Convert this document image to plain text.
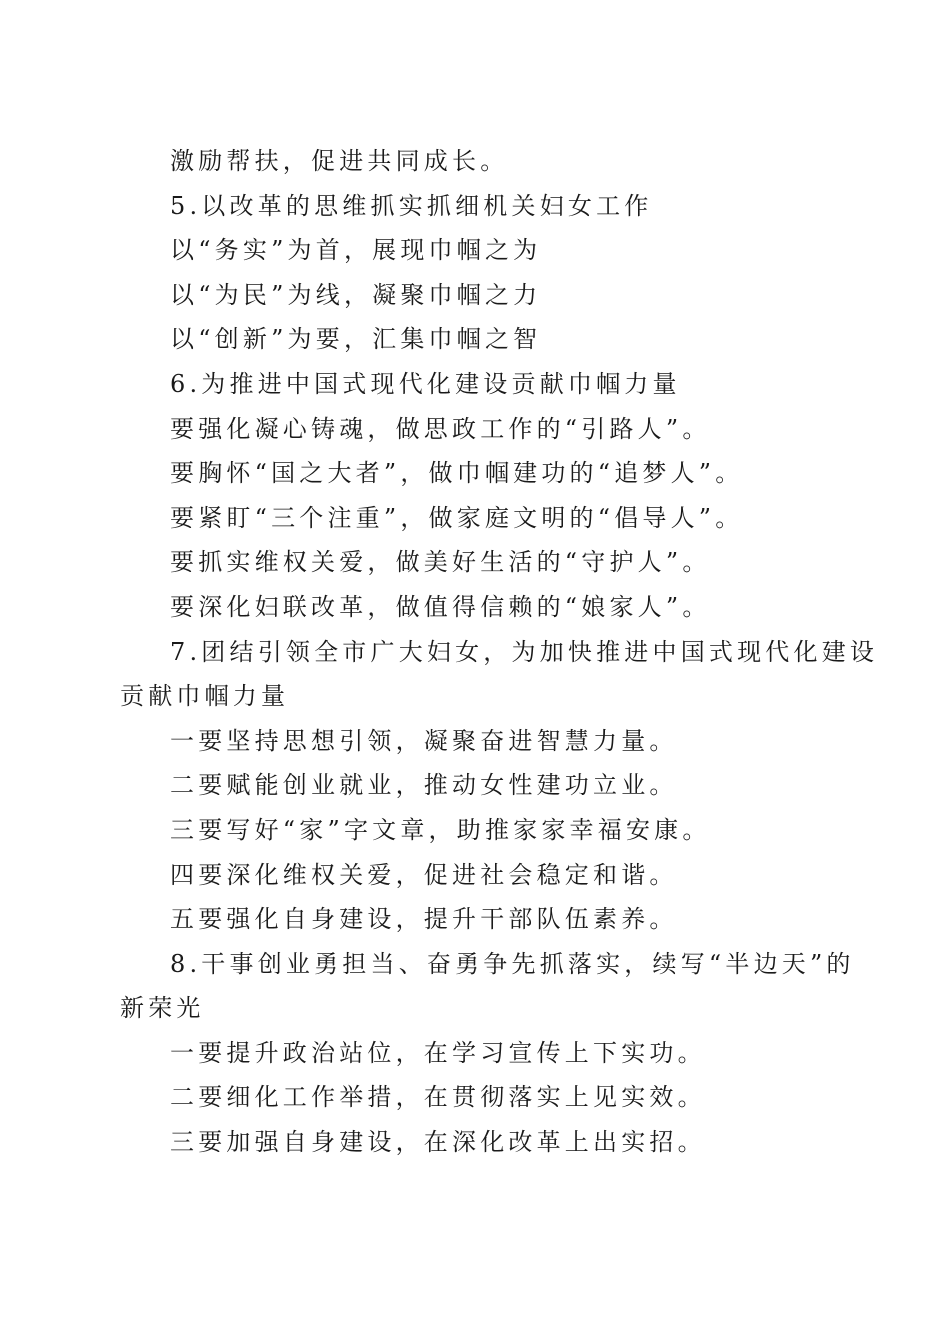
激励帮扶，促进共同成长。
5.以改革的思维抓实抓细机关妇女工作
以“务实”为首，展现巾帼之为
以“为民”为线，凝聚巾帼之力
以“创新”为要，汇集巾帼之智
6.为推进中国式现代化建设贡献巾帼力量
要强化凝心铸魂，做思政工作的“引路人”。
要胸怀“国之大者”，做巾帼建功的“追梦人”。
要紧盯“三个注重”，做家庭文明的“倡导人”。
要抓实维权关爱，做美好生活的“守护人”。
要深化妇联改革，做值得信赖的“娘家人”。
7.团结引领全市广大妇女，为加快推进中国式现代化建设
贡献巾帼力量
一要坚持思想引领，凝聚奋进智慧力量。
二要赋能创业就业，推动女性建功立业。
三要写好“家”字文章，助推家家幸福安康。
四要深化维权关爱，促进社会稳定和谐。
五要强化自身建设，提升干部队伍素养。
8.干事创业勇担当、奋勇争先抓落实，续写“半边天”的
新荣光
一要提升政治站位，在学习宣传上下实功。
二要细化工作举措，在贯彻落实上见实效。
三要加强自身建设，在深化改革上出实招。
